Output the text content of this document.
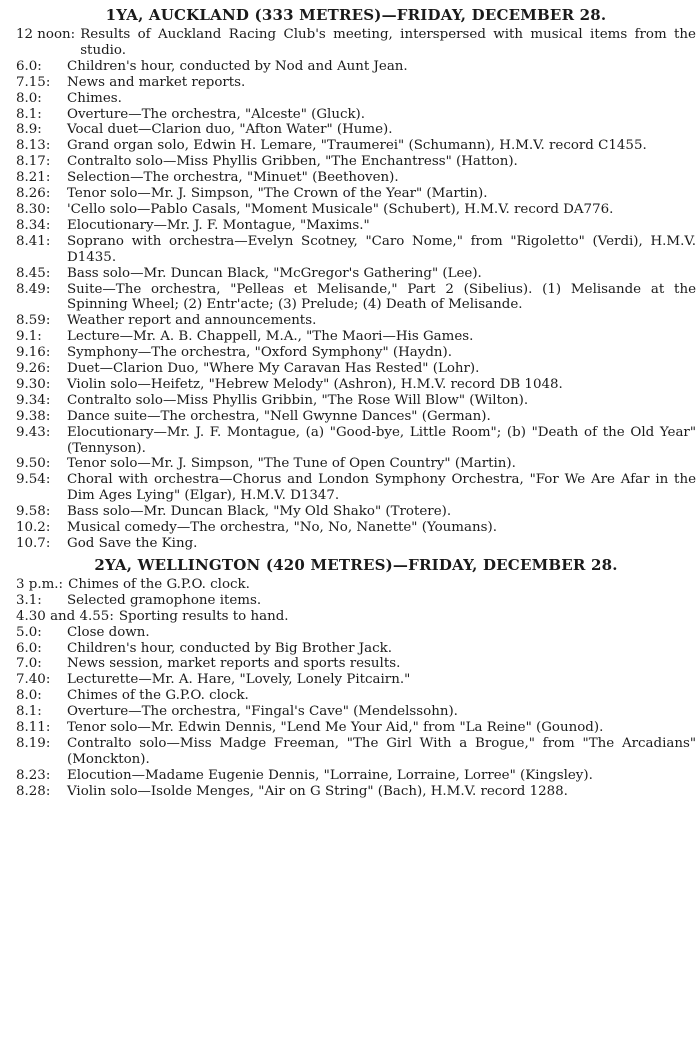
1YA, AUCKLAND (333 METRES)—FRIDAY, DECEMBER 28.
12 noon: Results of Auckland Racing Club's meeting, interspersed with musical items from the studio.
6.0:	Children's hour, conducted by Nod and Aunt Jean.
7.15:	News and market reports.
8.0:	Chimes.
8.1:	Overture—The orchestra, "Alceste" (Gluck).
8.9:	Vocal duet—Clarion duo, "Afton Water" (Hume).
8.13:	Grand organ solo, Edwin H. Lemare, "Traumerei" (Schumann), H.M.V. record C1455.
8.17:	Contralto solo—Miss Phyllis Gribben, "The Enchantress" (Hatton).
8.21:	Selection—The orchestra, "Minuet" (Beethoven).
8.26:	Tenor solo—Mr. J. Simpson, "The Crown of the Year" (Martin).
8.30:	'Cello solo—Pablo Casals, "Moment Musicale" (Schubert), H.M.V. record DA776.
8.34:	Elocutionary—Mr. J. F. Montague, "Maxims."
8.41:	Soprano with orchestra—Evelyn Scotney, "Caro Nome," from "Rigoletto" (Verdi), H.M.V. D1435.
8.45:	Bass solo—Mr. Duncan Black, "McGregor's Gathering" (Lee).
8.49:	Suite—The orchestra, "Pelleas et Melisande," Part 2 (Sibelius). (1) Melisande at the Spinning Wheel; (2) Entr'acte; (3) Prelude; (4) Death of Melisande.
8.59:	Weather report and announcements.
9.1:	Lecture—Mr. A. B. Chappell, M.A., "The Maori—His Games.
9.16:	Symphony—The orchestra, "Oxford Symphony" (Haydn).
9.26:	Duet—Clarion Duo, "Where My Caravan Has Rested" (Lohr).
9.30:	Violin solo—Heifetz, "Hebrew Melody" (Ashron), H.M.V. record DB 1048.
9.34:	Contralto solo—Miss Phyllis Gribbin, "The Rose Will Blow" (Wilton).
9.38:	Dance suite—The orchestra, "Nell Gwynne Dances" (German).
9.43:	Elocutionary—Mr. J. F. Montague, (a) "Good-bye, Little Room"; (b) "Death of the Old Year" (Tennyson).
9.50:	Tenor solo—Mr. J. Simpson, "The Tune of Open Country" (Martin).
9.54:	Choral with orchestra—Chorus and London Symphony Orchestra, "For We Are Afar in the Dim Ages Lying" (Elgar), H.M.V. D1347.
9.58:	Bass solo—Mr. Duncan Black, "My Old Shako" (Trotere).
10.2:	Musical comedy—The orchestra, "No, No, Nanette" (Youmans).
10.7:	God Save the King.
2YA, WELLINGTON (420 METRES)—FRIDAY, DECEMBER 28.
3 p.m.: Chimes of the G.P.O. clock.
3.1:	Selected gramophone items.
4.30 and 4.55: Sporting results to hand.
5.0:	Close down.
6.0:	Children's hour, conducted by Big Brother Jack.
7.0:	News session, market reports and sports results.
7.40:	Lecturette—Mr. A. Hare, "Lovely, Lonely Pitcairn."
8.0:	Chimes of the G.P.O. clock.
8.1:	Overture—The orchestra, "Fingal's Cave" (Mendelssohn).
8.11:	Tenor solo—Mr. Edwin Dennis, "Lend Me Your Aid," from "La Reine" (Gounod).
8.19:	Contralto solo—Miss Madge Freeman, "The Girl With a Brogue," from "The Arcadians" (Monckton).
8.23:	Elocution—Madame Eugenie Dennis, "Lorraine, Lorraine, Lorree" (Kingsley).
8.28:	Violin solo—Isolde Menges, "Air on G String" (Bach), H.M.V. record 1288.
